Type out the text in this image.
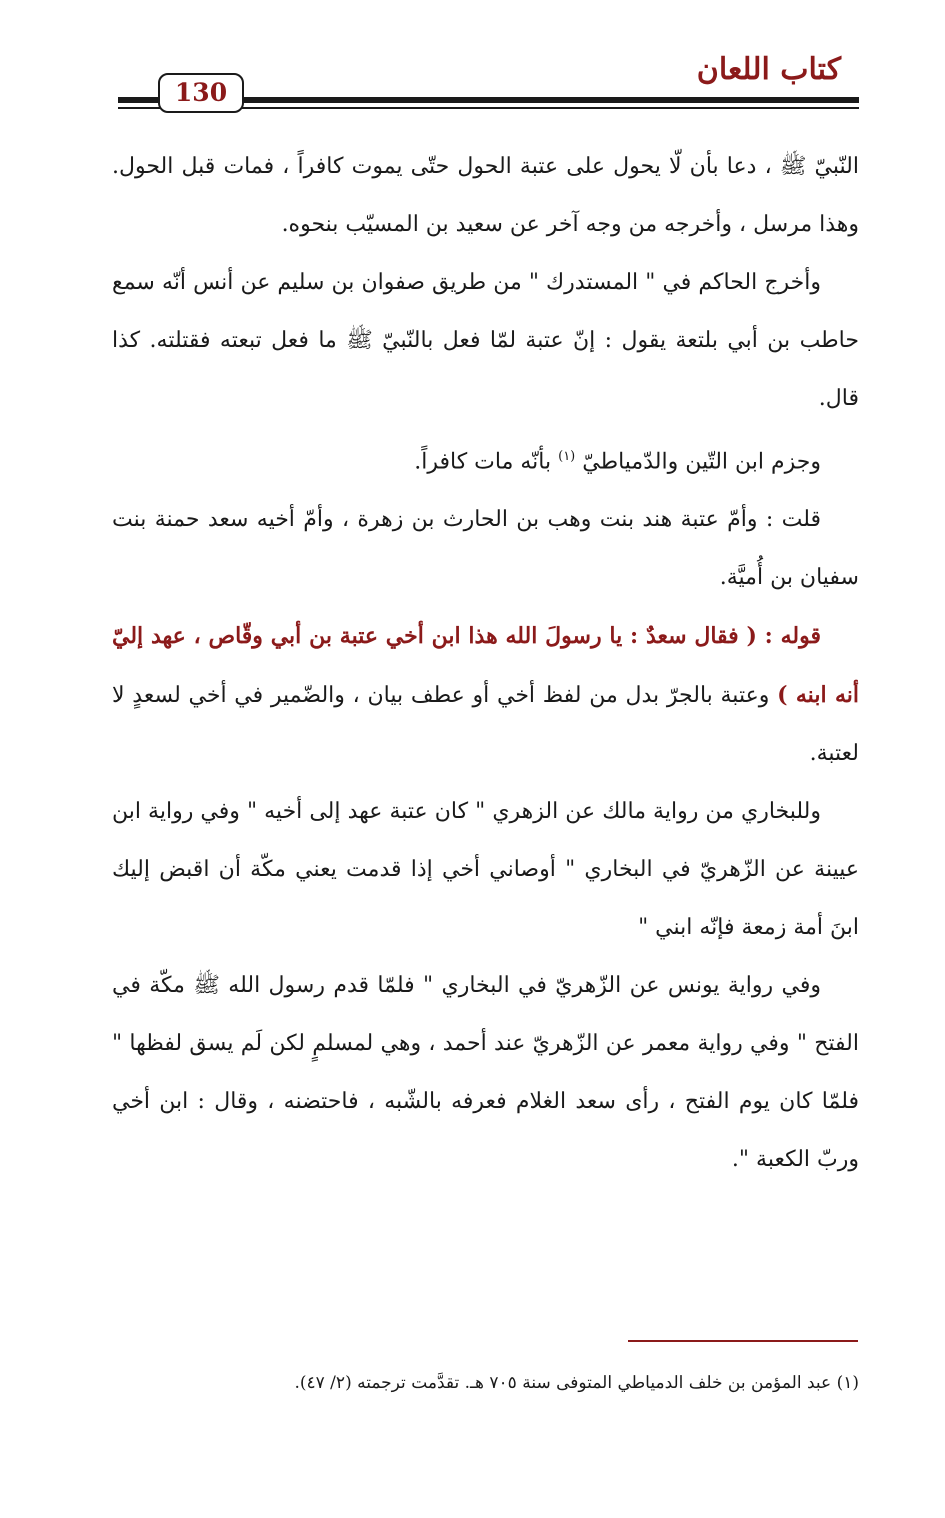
كتاب اللعان
130

النّبيّ ﷺ ، دعا بأن لّا يحول على عتبة الحول حتّى يموت كافراً ، فمات قبل الحول. وهذا مرسل ، وأخرجه من وجه آخر عن سعيد بن المسيّب بنحوه.

وأخرج الحاكم في " المستدرك " من طريق صفوان بن سليم عن أنس أنّه سمع حاطب بن أبي بلتعة يقول : إنّ عتبة لمّا فعل بالنّبيّ ﷺ ما فعل تبعته فقتلته. كذا قال.

وجزم ابن التّين والدّمياطيّ $^{(١)}$ بأنّه مات كافراً.

قلت : وأمّ عتبة هند بنت وهب بن الحارث بن زهرة ، وأمّ أخيه سعد حمنة بنت سفيان بن أُميَّة.

قوله : ( فقال سعدٌ : يا رسولَ الله هذا ابن أخي عتبة بن أبي وقّاص ، عهد إليّ أنه ابنه ) وعتبة بالجرّ بدل من لفظ أخي أو عطف بيان ، والضّمير في أخي لسعدٍ لا لعتبة.

وللبخاري من رواية مالك عن الزهري " كان عتبة عهد إلى أخيه " وفي رواية ابن عيينة عن الزّهريّ في البخاري " أوصاني أخي إذا قدمت يعني مكّة أن اقبض إليك ابنَ أمة زمعة فإنّه ابني "

وفي رواية يونس عن الزّهريّ في البخاري " فلمّا قدم رسول الله ﷺ مكّة في الفتح " وفي رواية معمر عن الزّهريّ عند أحمد ، وهي لمسلمٍ لكن لَم يسق لفظها " فلمّا كان يوم الفتح ، رأى سعد الغلام فعرفه بالشّبه ، فاحتضنه ، وقال : ابن أخي وربّ الكعبة ".

(١) عبد المؤمن بن خلف الدمياطي المتوفى سنة ٧٠٥ هـ. تقدَّمت ترجمته (٢/ ٤٧).
